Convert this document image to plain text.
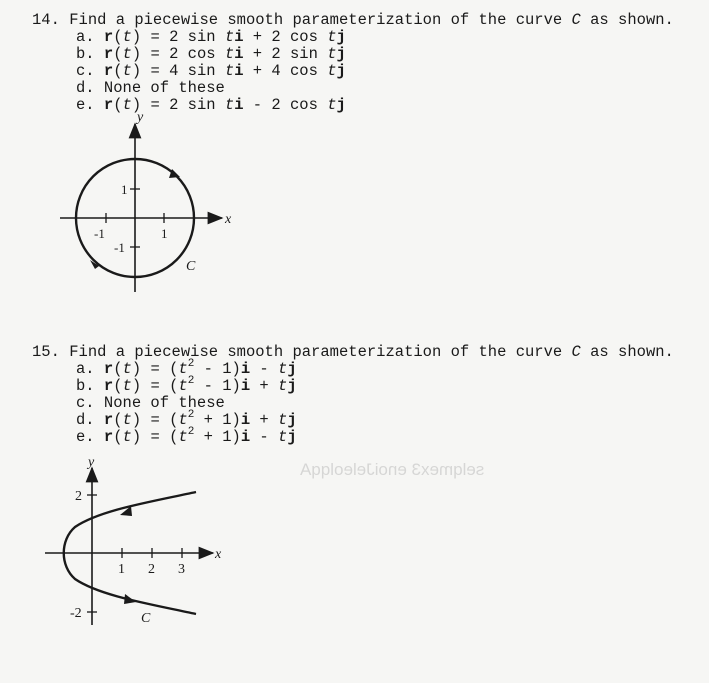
selqmex3 enoiJeleolqqA
14. Find a piecewise smooth parameterization of the curve C as shown.
a. r(t) = 2 sin ti + 2 cos tj
b. r(t) = 2 cos ti + 2 sin tj
c. r(t) = 4 sin ti + 4 cos tj
d. None of these
e. r(t) = 2 sin ti - 2 cos tj
x
y
-1	1
1
-1
C
15. Find a piecewise smooth parameterization of the curve C as shown.
a. $r(t) = (t^2 - 1)i$ - tj
b. $r(t) = (t^2 - 1)i$ + tj
c. None of these
d. $r(t) = (t^2 + 1)i$ + tj
e. $r(t) = (t^2 + 1)i$ - tj
x
y
1 2 3
2
-2	C
